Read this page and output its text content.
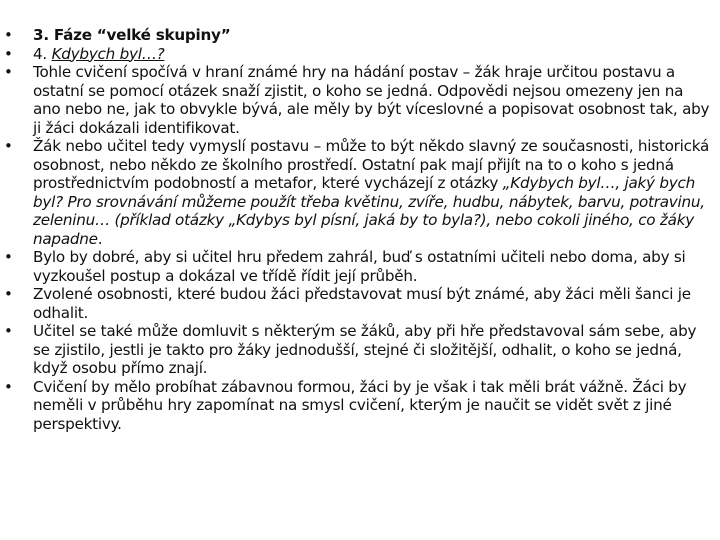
• 3. Fáze “velké skupiny”
• 4. Kdybych byl…?
• Tohle cvičení spočívá v hraní známé hry na hádání postav – žák hraje určitou postavu a ostatní se pomocí otázek snaží zjistit, o koho se jedná. Odpovědi nejsou omezeny jen na ano nebo ne, jak to obvykle bývá, ale měly by být víceslovné a popisovat osobnost tak, aby ji žáci dokázali identifikovat.
• Žák nebo učitel tedy vymyslí postavu – může to být někdo slavný ze současnosti, historická osobnost, nebo někdo ze školního prostředí. Ostatní pak mají přijít na to o koho s jedná prostřednictvím podobností a metafor, které vycházejí z otázky „Kdybych byl…, jaký bych byl? Pro srovnávání můžeme použít třeba květinu, zvíře, hudbu, nábytek, barvu, potravinu, zeleninu… (příklad otázky „Kdybys byl písní, jaká by to byla?), nebo cokoli jiného, co žáky napadne.
• Bylo by dobré, aby si učitel hru předem zahrál, buď s ostatními učiteli nebo doma, aby si vyzkoušel postup a dokázal ve třídě řídit její průběh.
• Zvolené osobnosti, které budou žáci představovat musí být známé, aby žáci měli šanci je odhalit.
• Učitel se také může domluvit s některým se žáků, aby při hře představoval sám sebe, aby se zjistilo, jestli je takto pro žáky jednodušší, stejné či složitější, odhalit, o koho se jedná, když osobu přímo znají.
• Cvičení by mělo probíhat zábavnou formou, žáci by je však i tak měli brát vážně. Žáci by neměli v průběhu hry zapomínat na smysl cvičení, kterým je naučit se vidět svět z jiné perspektivy.
